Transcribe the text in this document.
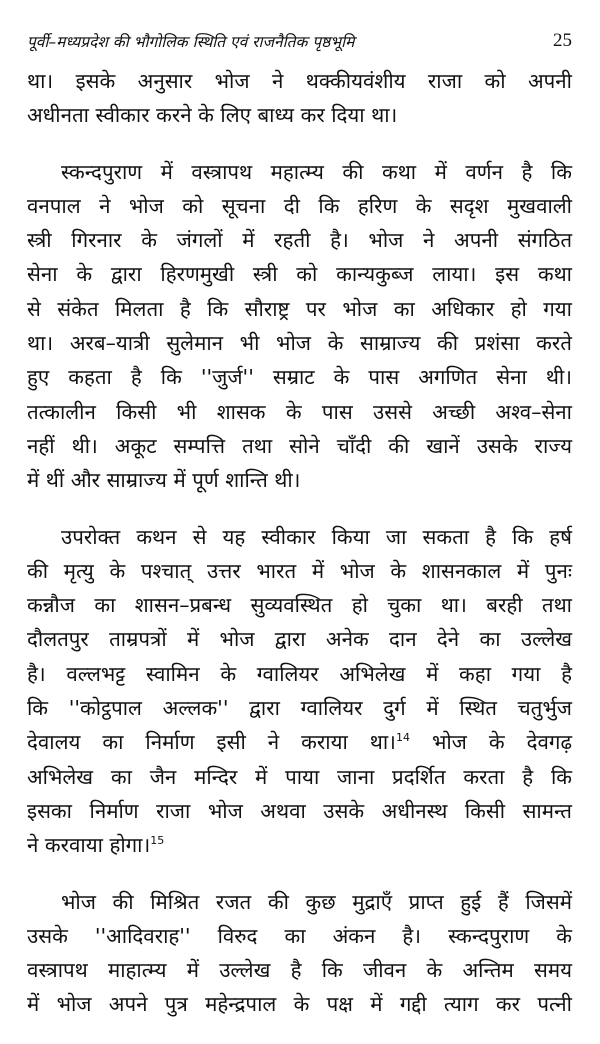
पूर्वी–मध्यप्रदेश की भौगोलिक स्थिति एवं राजनैतिक पृष्ठभूमि	25

था। इसके अनुसार भोज ने थक्कीयवंशीय राजा को अपनी
अधीनता स्वीकार करने के लिए बाध्य कर दिया था।

स्कन्दपुराण में वस्त्रापथ महात्म्य की कथा में वर्णन है कि
वनपाल ने भोज को सूचना दी कि हरिण के सदृश मुखवाली
स्त्री गिरनार के जंगलों में रहती है। भोज ने अपनी संगठित
सेना के द्वारा हिरणमुखी स्त्री को कान्यकुब्ज लाया। इस कथा
से संकेत मिलता है कि सौराष्ट्र पर भोज का अधिकार हो गया
था। अरब–यात्री सुलेमान भी भोज के साम्राज्य की प्रशंसा करते
हुए कहता है कि ''जुर्ज'' सम्राट के पास अगणित सेना थी।
तत्कालीन किसी भी शासक के पास उससे अच्छी अश्व–सेना
नहीं थी। अकूट सम्पत्ति तथा सोने चाँदी की खानें उसके राज्य
में थीं और साम्राज्य में पूर्ण शान्ति थी।

उपरोक्त कथन से यह स्वीकार किया जा सकता है कि हर्ष
की मृत्यु के पश्चात् उत्तर भारत में भोज के शासनकाल में पुनः
कन्नौज का शासन–प्रबन्ध सुव्यवस्थित हो चुका था। बरही तथा
दौलतपुर ताम्रपत्रों में भोज द्वारा अनेक दान देने का उल्लेख
है। वल्लभट्ट स्वामिन के ग्वालियर अभिलेख में कहा गया है
कि ''कोट्ठपाल अल्लक'' द्वारा ग्वालियर दुर्ग में स्थित चतुर्भुज
देवालय का निर्माण इसी ने कराया था।$^{14}$ भोज के देवगढ़
अभिलेख का जैन मन्दिर में पाया जाना प्रदर्शित करता है कि
इसका निर्माण राजा भोज अथवा उसके अधीनस्थ किसी सामन्त
ने करवाया होगा।$^{15}$

भोज की मिश्रित रजत की कुछ मुद्राएँ प्राप्त हुई हैं जिसमें
उसके ''आदिवराह'' विरुद का अंकन है। स्कन्दपुराण के
वस्त्रापथ माहात्म्य में उल्लेख है कि जीवन के अन्तिम समय
में भोज अपने पुत्र महेन्द्रपाल के पक्ष में गद्दी त्याग कर पत्नी
